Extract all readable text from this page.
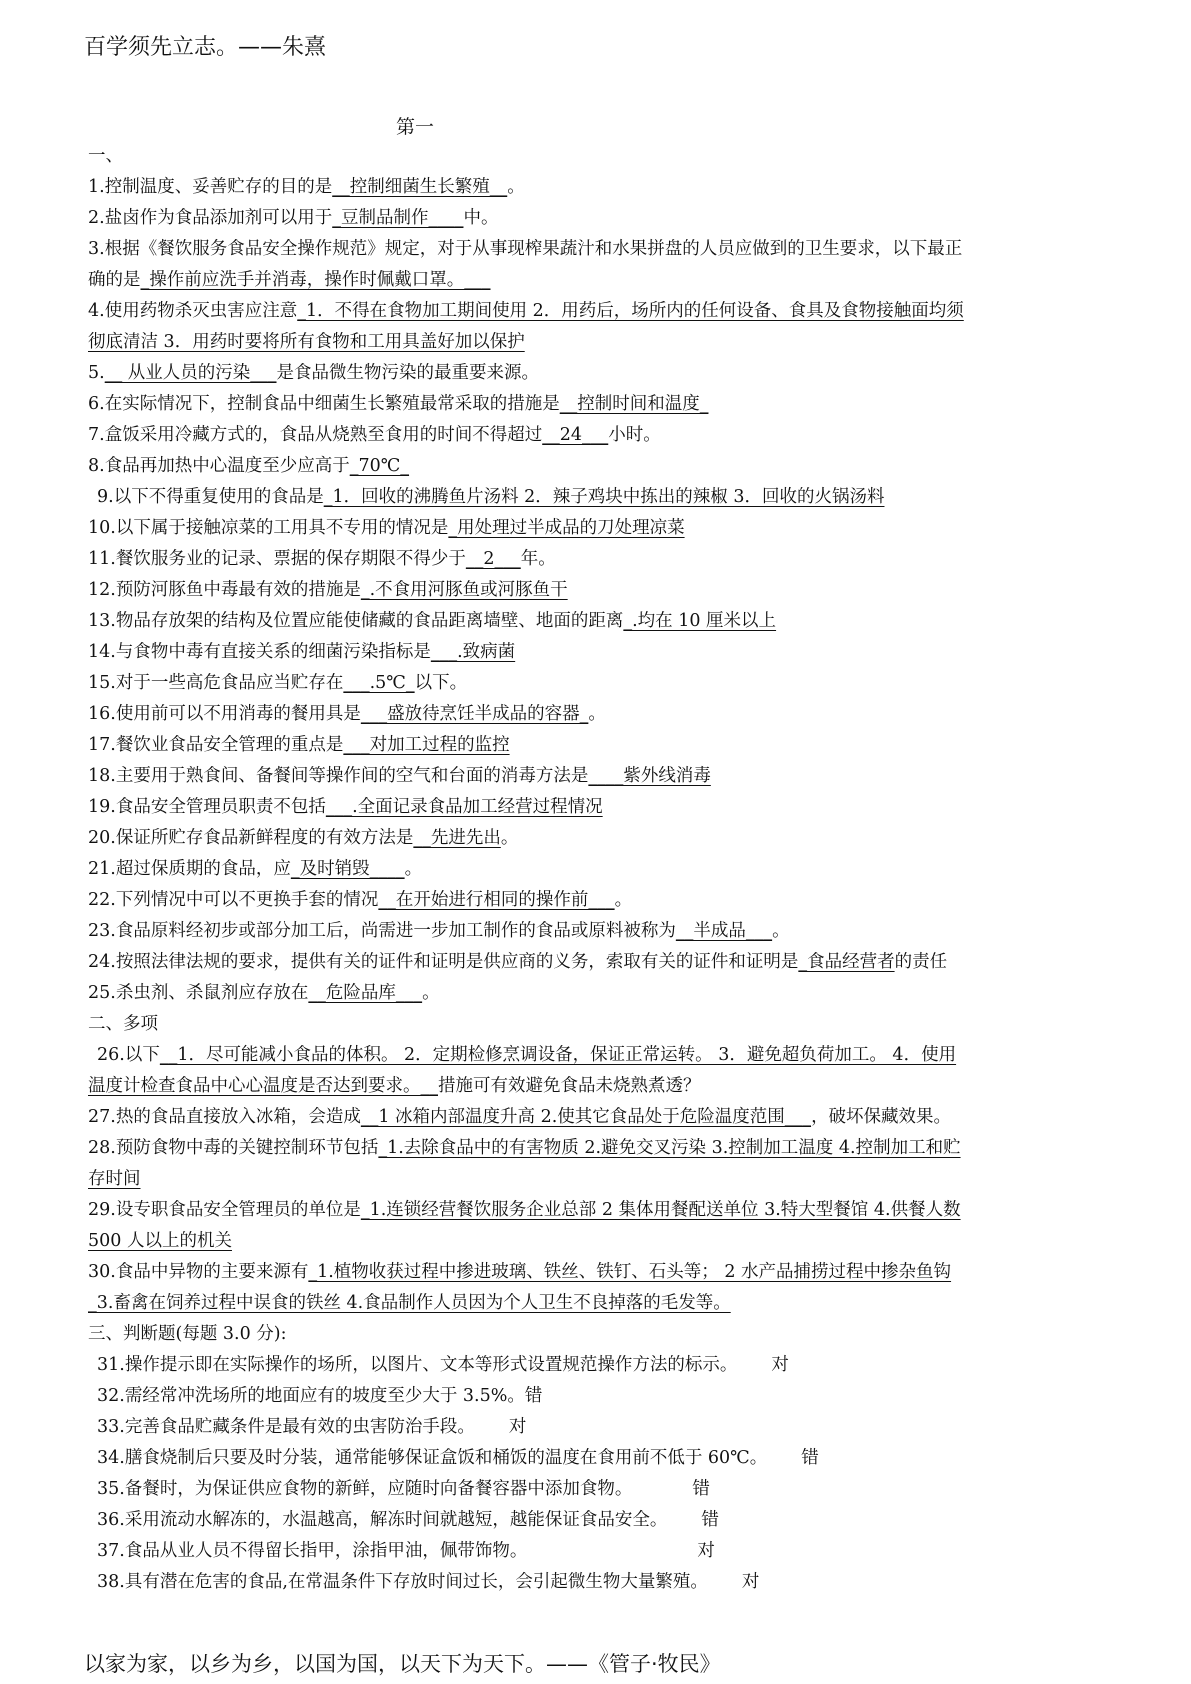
百学须先立志。——朱熹
第一
一、
1.控制温度、妥善贮存的目的是__控制细菌生长繁殖__。
2.盐卤作为食品添加剂可以用于_豆制品制作____中。
3.根据《餐饮服务食品安全操作规范》规定，对于从事现榨果蔬汁和水果拼盘的人员应做到的卫生要求，以下最正
确的是_操作前应洗手并消毒，操作时佩戴口罩。___
4.使用药物杀灭虫害应注意_1．不得在食物加工期间使用 2．用药后，场所内的任何设备、食具及食物接触面均须
彻底清洁 3．用药时要将所有食物和工用具盖好加以保护
5.__ 从业人员的污染___是食品微生物污染的最重要来源。
6.在实际情况下，控制食品中细菌生长繁殖最常采取的措施是__控制时间和温度_
7.盒饭采用冷藏方式的，食品从烧熟至食用的时间不得超过__24___小时。
8.食品再加热中心温度至少应高于_70℃_
9.以下不得重复使用的食品是_1．回收的沸腾鱼片汤料 2．辣子鸡块中拣出的辣椒 3．回收的火锅汤料
10.以下属于接触凉菜的工用具不专用的情况是_用处理过半成品的刀处理凉菜
11.餐饮服务业的记录、票据的保存期限不得少于__2___年。
12.预防河豚鱼中毒最有效的措施是_.不食用河豚鱼或河豚鱼干
13.物品存放架的结构及位置应能使储藏的食品距离墙壁、地面的距离_.均在 10 厘米以上
14.与食物中毒有直接关系的细菌污染指标是___.致病菌
15.对于一些高危食品应当贮存在___.5℃_以下。
16.使用前可以不用消毒的餐用具是___盛放待烹饪半成品的容器_。
17.餐饮业食品安全管理的重点是___对加工过程的监控
18.主要用于熟食间、备餐间等操作间的空气和台面的消毒方法是____紫外线消毒
19.食品安全管理员职责不包括___.全面记录食品加工经营过程情况
20.保证所贮存食品新鲜程度的有效方法是__先进先出。
21.超过保质期的食品，应_及时销毁____。
22.下列情况中可以不更换手套的情况__在开始进行相同的操作前___。
23.食品原料经初步或部分加工后，尚需进一步加工制作的食品或原料被称为__半成品___。
24.按照法律法规的要求，提供有关的证件和证明是供应商的义务，索取有关的证件和证明是_食品经营者的责任
25.杀虫剂、杀鼠剂应存放在__危险品库___。
二、多项
26.以下__1．尽可能减小食品的体积。 2．定期检修烹调设备，保证正常运转。 3．避免超负荷加工。 4．使用
温度计检查食品中心心温度是否达到要求。__措施可有效避免食品未烧熟煮透？
27.热的食品直接放入冰箱，会造成__1 冰箱内部温度升高 2.使其它食品处于危险温度范围___，破坏保藏效果。
28.预防食物中毒的关键控制环节包括_1.去除食品中的有害物质 2.避免交叉污染 3.控制加工温度 4.控制加工和贮
存时间
29.设专职食品安全管理员的单位是_1.连锁经营餐饮服务企业总部 2 集体用餐配送单位 3.特大型餐馆 4.供餐人数
500 人以上的机关
30.食品中异物的主要来源有_1.植物收获过程中掺进玻璃、铁丝、铁钉、石头等； 2 水产品捕捞过程中掺杂鱼钩
_3.畜禽在饲养过程中误食的铁丝 4.食品制作人员因为个人卫生不良掉落的毛发等。
三、判断题(每题 3.0 分):
31.操作提示即在实际操作的场所，以图片、文本等形式设置规范操作方法的标示。 对
32.需经常冲洗场所的地面应有的坡度至少大于 3.5%。错
33.完善食品贮藏条件是最有效的虫害防治手段。 对
34.膳食烧制后只要及时分装，通常能够保证盒饭和桶饭的温度在食用前不低于 60℃。 错
35.备餐时，为保证供应食物的新鲜，应随时向备餐容器中添加食物。	错
36.采用流动水解冻的，水温越高，解冻时间就越短，越能保证食品安全。 错
37.食品从业人员不得留长指甲，涂指甲油，佩带饰物。	对
38.具有潜在危害的食品,在常温条件下存放时间过长，会引起微生物大量繁殖。 对
以家为家，以乡为乡，以国为国，以天下为天下。——《管子·牧民》
